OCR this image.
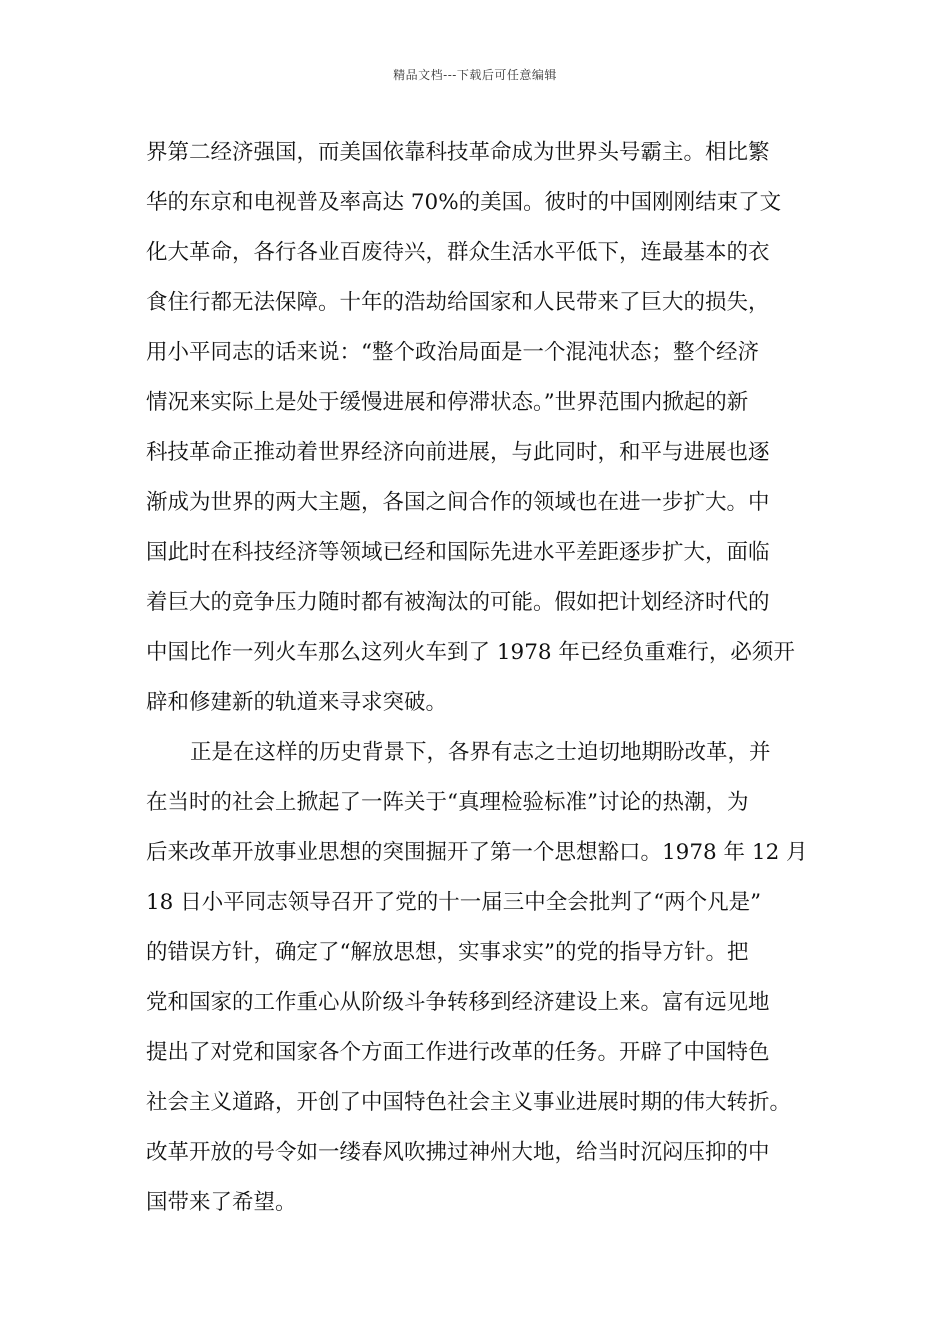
精品文档---下载后可任意编辑
界第二经济强国，而美国依靠科技革命成为世界头号霸主。相比繁
华的东京和电视普及率高达 70%的美国。彼时的中国刚刚结束了文
化大革命，各行各业百废待兴，群众生活水平低下，连最基本的衣
食住行都无法保障。十年的浩劫给国家和人民带来了巨大的损失，
用小平同志的话来说：“整个政治局面是一个混沌状态；整个经济
情况来实际上是处于缓慢进展和停滞状态。”世界范围内掀起的新
科技革命正推动着世界经济向前进展，与此同时，和平与进展也逐
渐成为世界的两大主题，各国之间合作的领域也在进一步扩大。中
国此时在科技经济等领域已经和国际先进水平差距逐步扩大，面临
着巨大的竞争压力随时都有被淘汰的可能。假如把计划经济时代的
中国比作一列火车那么这列火车到了 1978 年已经负重难行，必须开
辟和修建新的轨道来寻求突破。
正是在这样的历史背景下，各界有志之士迫切地期盼改革，并
在当时的社会上掀起了一阵关于“真理检验标准”讨论的热潮，为
后来改革开放事业思想的突围掘开了第一个思想豁口。1978 年 12 月
18 日小平同志领导召开了党的十一届三中全会批判了“两个凡是”
的错误方针，确定了“解放思想，实事求实”的党的指导方针。把
党和国家的工作重心从阶级斗争转移到经济建设上来。富有远见地
提出了对党和国家各个方面工作进行改革的任务。开辟了中国特色
社会主义道路，开创了中国特色社会主义事业进展时期的伟大转折。
改革开放的号令如一缕春风吹拂过神州大地，给当时沉闷压抑的中
国带来了希望。
